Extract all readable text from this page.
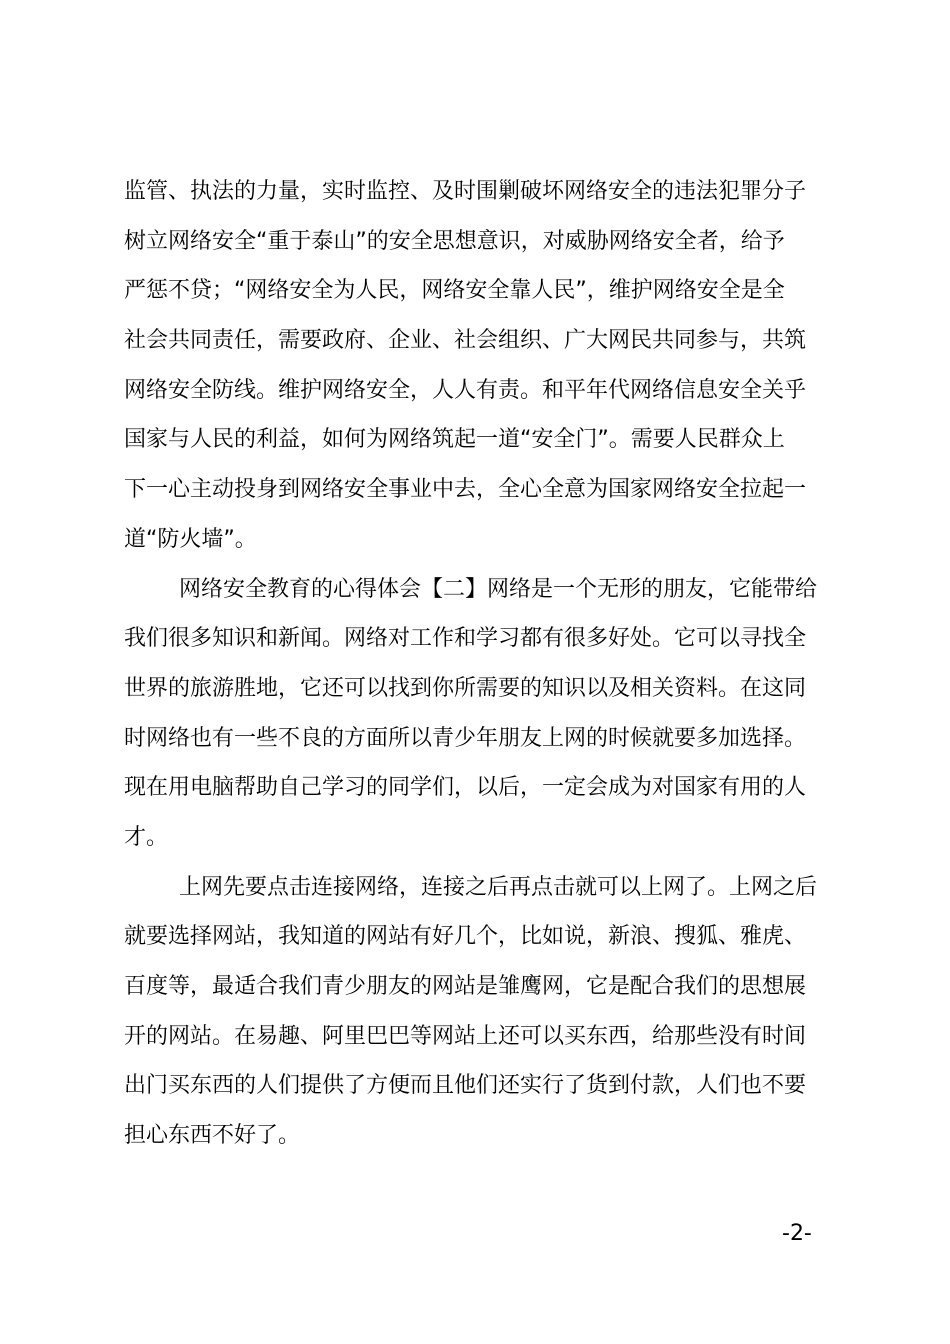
监管、执法的力量，实时监控、及时围剿破坏网络安全的违法犯罪分子
树立网络安全“重于泰山”的安全思想意识，对威胁网络安全者，给予
严惩不贷；“网络安全为人民，网络安全靠人民”，维护网络安全是全
社会共同责任，需要政府、企业、社会组织、广大网民共同参与，共筑
网络安全防线。维护网络安全，人人有责。和平年代网络信息安全关乎
国家与人民的利益，如何为网络筑起一道“安全门”。需要人民群众上
下一心主动投身到网络安全事业中去，全心全意为国家网络安全拉起一
道“防火墙”。
网络安全教育的心得体会【二】网络是一个无形的朋友，它能带给
我们很多知识和新闻。网络对工作和学习都有很多好处。它可以寻找全
世界的旅游胜地，它还可以找到你所需要的知识以及相关资料。在这同
时网络也有一些不良的方面所以青少年朋友上网的时候就要多加选择。
现在用电脑帮助自己学习的同学们，以后，一定会成为对国家有用的人
才。
上网先要点击连接网络，连接之后再点击就可以上网了。上网之后
就要选择网站，我知道的网站有好几个，比如说，新浪、搜狐、雅虎、
百度等，最适合我们青少朋友的网站是雏鹰网，它是配合我们的思想展
开的网站。在易趣、阿里巴巴等网站上还可以买东西，给那些没有时间
出门买东西的人们提供了方便而且他们还实行了货到付款，人们也不要
担心东西不好了。
-2-
